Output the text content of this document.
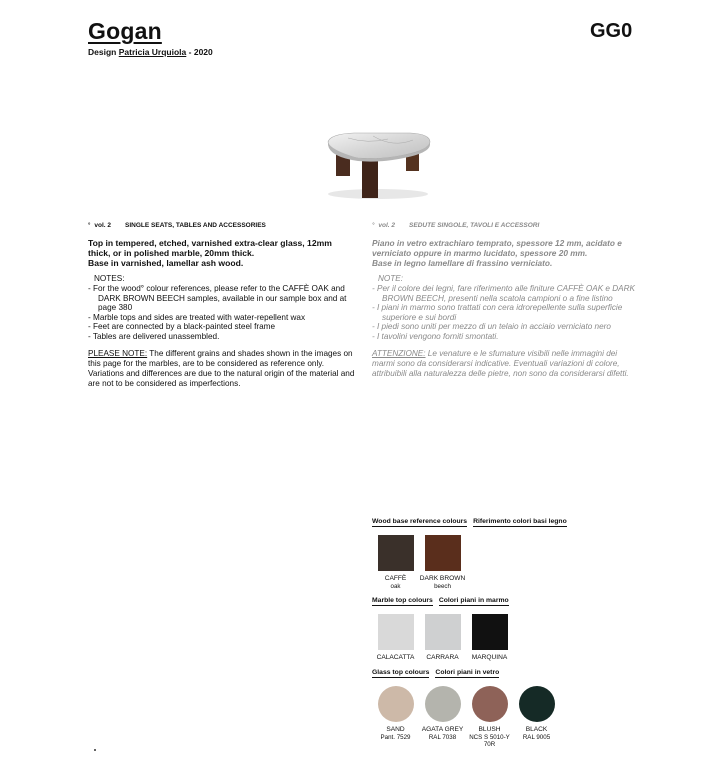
Gogan	GG0
Design Patricia Urquiola - 2020
° vol. 2 SINGLE SEATS, TABLES AND ACCESSORIES
Top in tempered, etched, varnished extra-clear glass, 12mm
thick, or in polished marble, 20mm thick.
Base in varnished, lamellar ash wood.
NOTES:
- For the wood° colour references, please refer to the CAFFÈ OAK and DARK BROWN BEECH samples, available in our sample box and at page 380
- Marble tops and sides are treated with water-repellent wax
- Feet are connected by a black-painted steel frame
- Tables are delivered unassembled.
PLEASE NOTE: The different grains and shades shown in the images on this page for the marbles, are to be considered as reference only. Variations and differences are due to the natural origin of the material and are not to be considered as imperfections.
° vol. 2 SEDUTE SINGOLE, TAVOLI E ACCESSORI
Piano in vetro extrachiaro temprato, spessore 12 mm, acidato e
verniciato oppure in marmo lucidato, spessore 20 mm.
Base in legno lamellare di frassino verniciato.
NOTE:
- Per il colore dei legni, fare riferimento alle finiture CAFFÈ OAK e DARK BROWN BEECH, presenti nella scatola campioni o a fine listino
- I piani in marmo sono trattati con cera idrorepellente sulla superficie superiore e sui bordi
- I piedi sono uniti per mezzo di un telaio in acciaio verniciato nero
- I tavolini vengono forniti smontati.
ATTENZIONE: Le venature e le sfumature visibili nelle immagini dei marmi sono da considerarsi indicative. Eventuali variazioni di colore, attribuibili alla naturalezza delle pietre, non sono da considerarsi difetti.
Wood base reference colours Riferimento colori basi legno
CAFFÈ
oak
DARK BROWN
beech
Marble top colours Colori piani in marmo
CALACATTA CARRARA MARQUINA
Glass top colours Colori piani in vetro
SAND
Pant. 7529
AGATA GREY
RAL 7038
BLUSH
NCS S 5010-Y 70R
BLACK
RAL 9005
